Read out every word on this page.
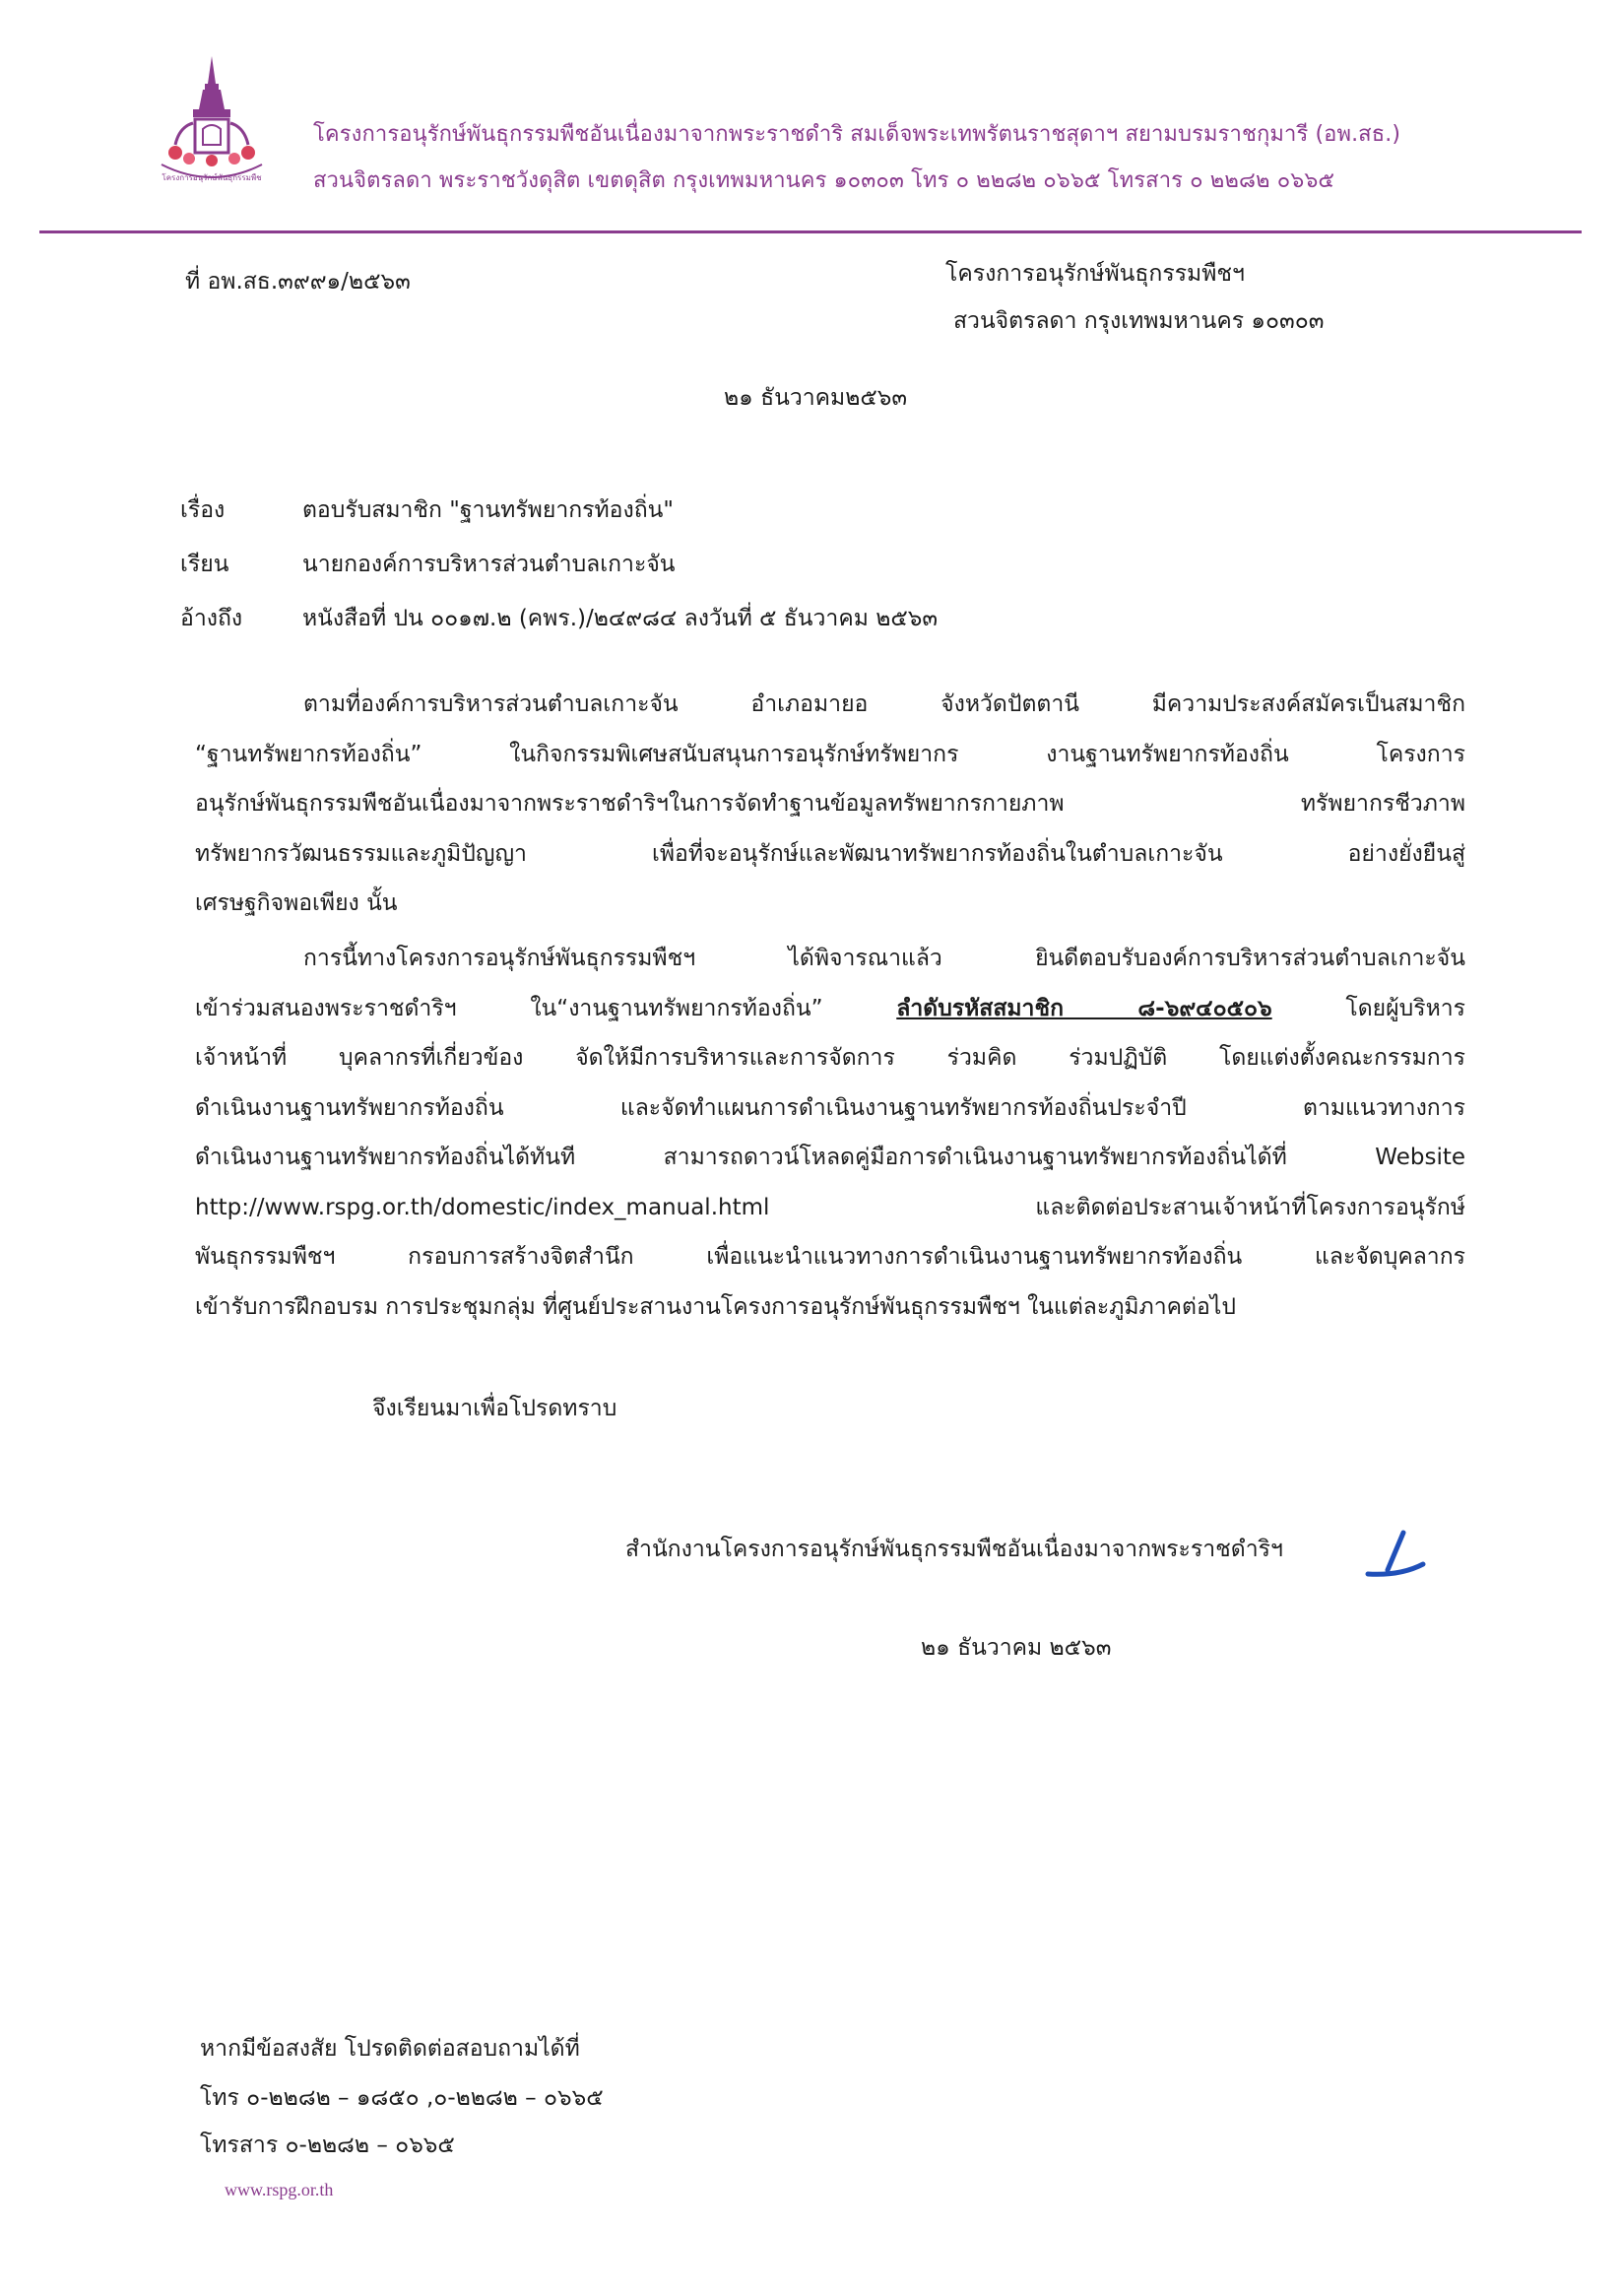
โครงการอนุรักษ์พันธุกรรมพืช
โครงการอนุรักษ์พันธุกรรมพืชอันเนื่องมาจากพระราชดำริ สมเด็จพระเทพรัตนราชสุดาฯ สยามบรมราชกุมารี (อพ.สธ.)
สวนจิตรลดา พระราชวังดุสิต เขตดุสิต กรุงเทพมหานคร ๑๐๓๐๓ โทร ๐ ๒๒๘๒ ๐๖๖๕ โทรสาร ๐ ๒๒๘๒ ๐๖๖๕
ที่ อพ.สธ.๓๙๙๑/๒๕๖๓	โครงการอนุรักษ์พันธุกรรมพืชฯ
สวนจิตรลดา กรุงเทพมหานคร ๑๐๓๐๓
๒๑ ธันวาคม๒๕๖๓
เรื่อง	ตอบรับสมาชิก "ฐานทรัพยากรท้องถิ่น"
เรียน	นายกองค์การบริหารส่วนตำบลเกาะจัน
อ้างถึง	หนังสือที่ ปน ๐๐๑๗.๒ (คพร.)/๒๔๙๘๔ ลงวันที่ ๕ ธันวาคม ๒๕๖๓
ตามที่องค์การบริหารส่วนตำบลเกาะจัน อำเภอมายอ จังหวัดปัตตานี มีความประสงค์สมัครเป็นสมาชิก
“ฐานทรัพยากรท้องถิ่น” ในกิจกรรมพิเศษสนับสนุนการอนุรักษ์ทรัพยากร งานฐานทรัพยากรท้องถิ่น โครงการ
อนุรักษ์พันธุกรรมพืชอันเนื่องมาจากพระราชดำริฯในการจัดทำฐานข้อมูลทรัพยากรกายภาพ ทรัพยากรชีวภาพ
ทรัพยากรวัฒนธรรมและภูมิปัญญา เพื่อที่จะอนุรักษ์และพัฒนาทรัพยากรท้องถิ่นในตำบลเกาะจัน อย่างยั่งยืนสู่
เศรษฐกิจพอเพียง นั้น
การนี้ทางโครงการอนุรักษ์พันธุกรรมพืชฯ ได้พิจารณาแล้ว ยินดีตอบรับองค์การบริหารส่วนตำบลเกาะจัน
เข้าร่วมสนองพระราชดำริฯ ใน“งานฐานทรัพยากรท้องถิ่น” ลำดับรหัสสมาชิก ๘-๖๙๔๐๕๐๖ โดยผู้บริหาร
เจ้าหน้าที่ บุคลากรที่เกี่ยวข้อง จัดให้มีการบริหารและการจัดการ ร่วมคิด ร่วมปฏิบัติ โดยแต่งตั้งคณะกรรมการ
ดำเนินงานฐานทรัพยากรท้องถิ่น และจัดทำแผนการดำเนินงานฐานทรัพยากรท้องถิ่นประจำปี ตามแนวทางการ
ดำเนินงานฐานทรัพยากรท้องถิ่นได้ทันที สามารถดาวน์โหลดคู่มือการดำเนินงานฐานทรัพยากรท้องถิ่นได้ที่ Website
http://www.rspg.or.th/domestic/index_manual.html และติดต่อประสานเจ้าหน้าที่โครงการอนุรักษ์
พันธุกรรมพืชฯ กรอบการสร้างจิตสำนึก เพื่อแนะนำแนวทางการดำเนินงานฐานทรัพยากรท้องถิ่น และจัดบุคลากร
เข้ารับการฝึกอบรม การประชุมกลุ่ม ที่ศูนย์ประสานงานโครงการอนุรักษ์พันธุกรรมพืชฯ ในแต่ละภูมิภาคต่อไป
จึงเรียนมาเพื่อโปรดทราบ
สำนักงานโครงการอนุรักษ์พันธุกรรมพืชอันเนื่องมาจากพระราชดำริฯ
๒๑ ธันวาคม ๒๕๖๓
หากมีข้อสงสัย โปรดติดต่อสอบถามได้ที่
โทร ๐-๒๒๘๒ – ๑๘๕๐ ,๐-๒๒๘๒ – ๐๖๖๕
โทรสาร ๐-๒๒๘๒ – ๐๖๖๕
www.rspg.or.th
